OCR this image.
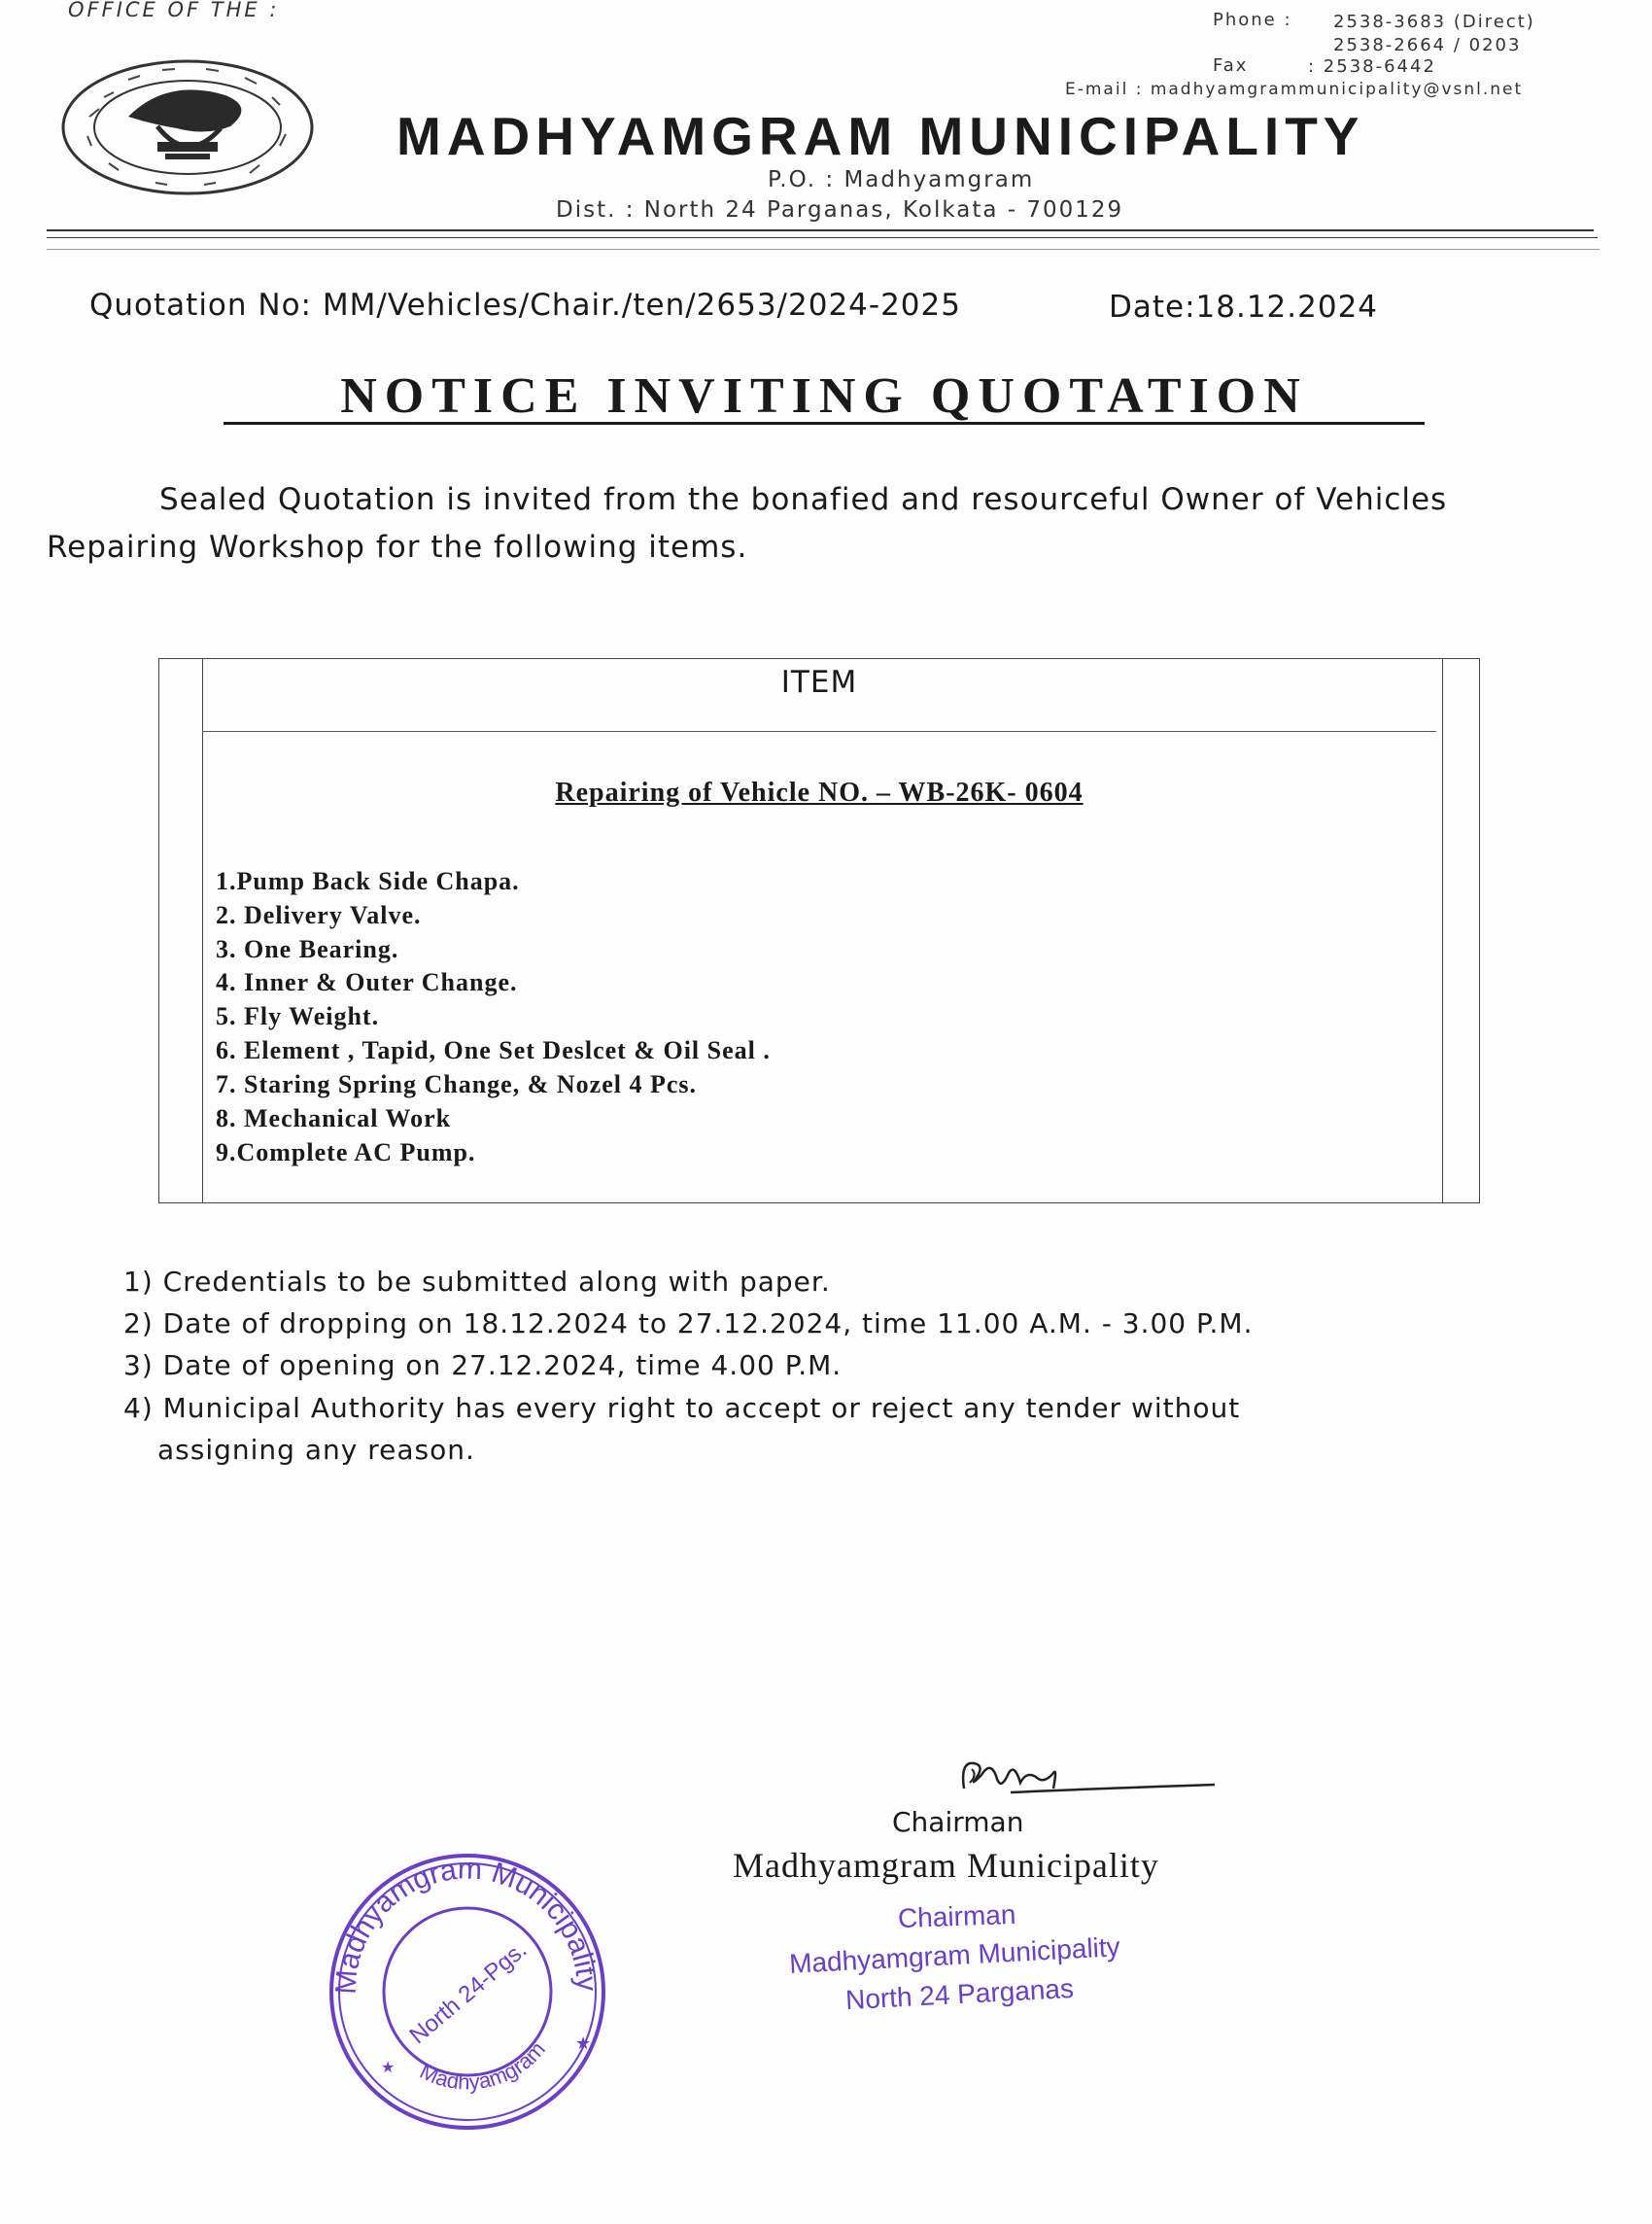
OFFICE OF THE :	Phone : 2538-3683 (Direct)
2538-2664 / 0203
Fax	: 2538-6442
E-mail : madhyamgrammunicipality@vsnl.net
MADHYAMGRAM MUNICIPALITY
P.O. : Madhyamgram
Dist. : North 24 Parganas, Kolkata - 700129
Quotation No: MM/Vehicles/Chair./ten/2653/2024-2025	Date:18.12.2024
NOTICE INVITING QUOTATION
Sealed Quotation is invited from the bonafied and resourceful Owner of Vehicles
Repairing Workshop for the following items.
ITEM
Repairing of Vehicle NO. – WB-26K- 0604
1.Pump Back Side Chapa.
2. Delivery Valve.
3. One Bearing.
4. Inner & Outer Change.
5. Fly Weight.
6. Element , Tapid, One Set Deslcet & Oil Seal .
7. Staring Spring Change, & Nozel 4 Pcs.
8. Mechanical Work
9.Complete AC Pump.
1) Credentials to be submitted along with paper.
2) Date of dropping on 18.12.2024 to 27.12.2024, time 11.00 A.M. - 3.00 P.M.
3) Date of opening on 27.12.2024, time 4.00 P.M.
4) Municipal Authority has every right to accept or reject any tender without
assigning any reason.
Chairman
Madhyamgram Municipality
Chairman
Madhyamgram Municipality
North 24 Parganas
Madhyamgram Municipality
Madhyamgram
North 24-Pgs. ★
★
